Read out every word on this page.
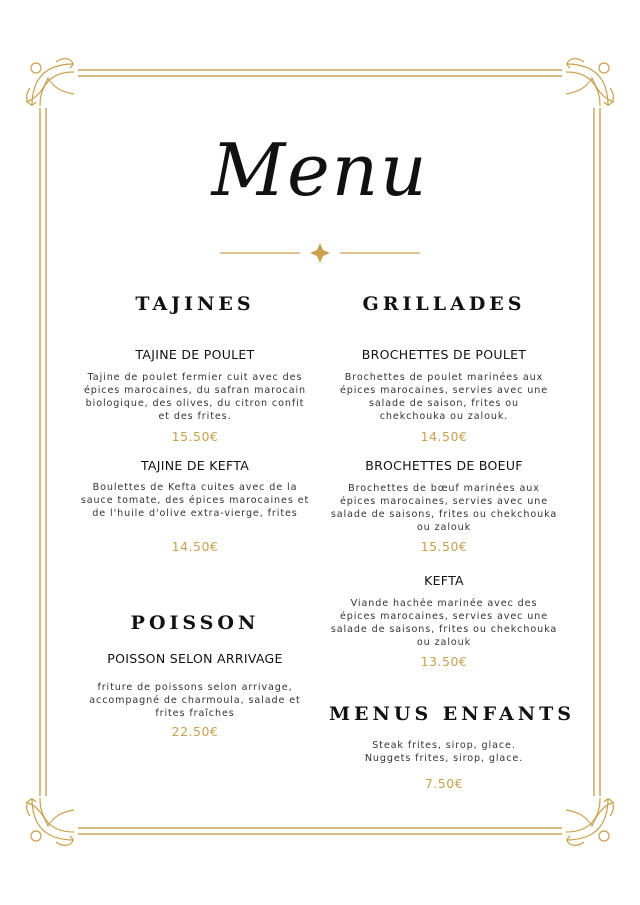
Menu
TAJINES
TAJINE DE POULET
Tajine de poulet fermier cuit avec des
épices marocaines, du safran marocain
biologique, des olives, du citron confit
et des frites.
15.50€
TAJINE DE KEFTA
Boulettes de Kefta cuites avec de la
sauce tomate, des épices marocaines et
de l'huile d'olive extra-vierge, frites
14.50€
POISSON
POISSON SELON ARRIVAGE
friture de poissons selon arrivage,
accompagné de charmoula, salade et
frites fraîches
22.50€
GRILLADES
BROCHETTES DE POULET
Brochettes de poulet marinées aux
épices marocaines, servies avec une
salade de saison, frites ou
chekchouka ou zalouk.
14.50€
BROCHETTES DE BOEUF
Brochettes de bœuf marinées aux
épices marocaines, servies avec une
salade de saisons, frites ou chekchouka
ou zalouk
15.50€
KEFTA
Viande hachée marinée avec des
épices marocaines, servies avec une
salade de saisons, frites ou chekchouka
ou zalouk
13.50€
MENUS ENFANTS
Steak frites, sirop, glace.
Nuggets frites, sirop, glace.
7.50€
